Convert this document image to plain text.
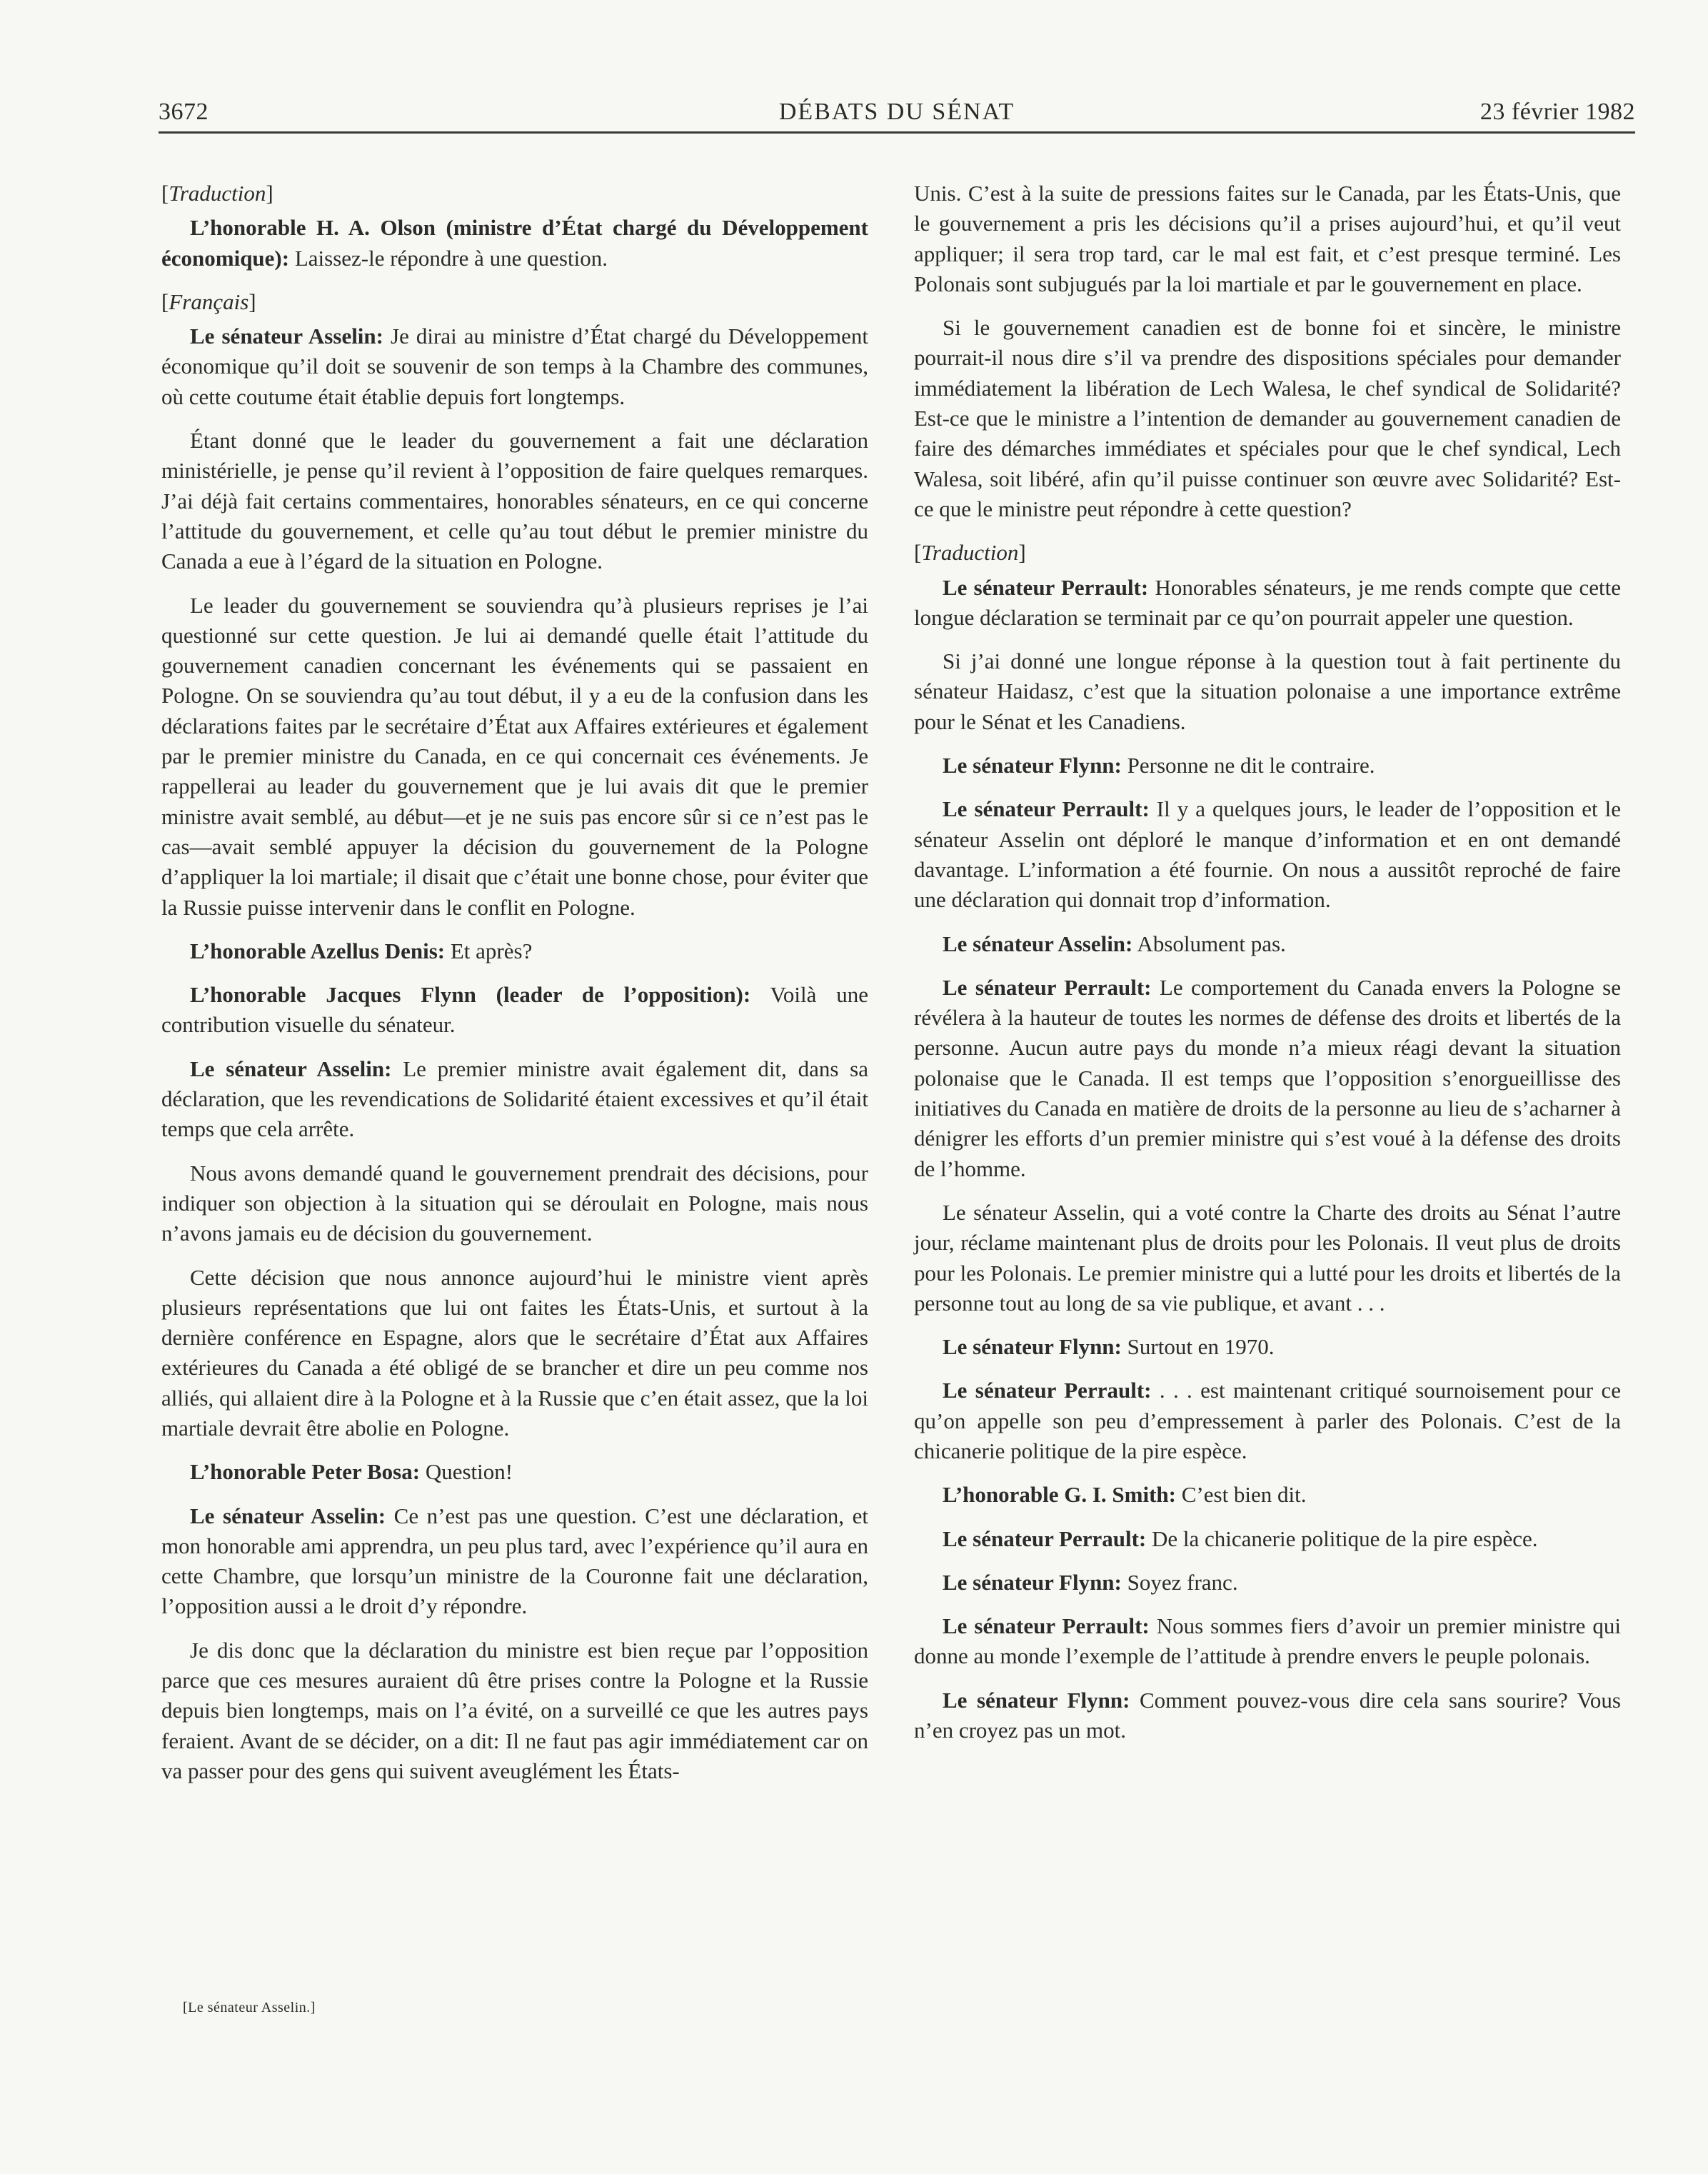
3672	DÉBATS DU SÉNAT	23 février 1982

[Traduction]

L’honorable H. A. Olson (ministre d’État chargé du Développement économique): Laissez-le répondre à une question.

[Français]

Le sénateur Asselin: Je dirai au ministre d’État chargé du Développement économique qu’il doit se souvenir de son temps à la Chambre des communes, où cette coutume était établie depuis fort longtemps.

Étant donné que le leader du gouvernement a fait une déclaration ministérielle, je pense qu’il revient à l’opposition de faire quelques remarques. J’ai déjà fait certains commentaires, honorables sénateurs, en ce qui concerne l’attitude du gouvernement, et celle qu’au tout début le premier ministre du Canada a eue à l’égard de la situation en Pologne.

Le leader du gouvernement se souviendra qu’à plusieurs reprises je l’ai questionné sur cette question. Je lui ai demandé quelle était l’attitude du gouvernement canadien concernant les événements qui se passaient en Pologne. On se souviendra qu’au tout début, il y a eu de la confusion dans les déclarations faites par le secrétaire d’État aux Affaires extérieures et également par le premier ministre du Canada, en ce qui concernait ces événements. Je rappellerai au leader du gouvernement que je lui avais dit que le premier ministre avait semblé, au début—et je ne suis pas encore sûr si ce n’est pas le cas—avait semblé appuyer la décision du gouvernement de la Pologne d’appliquer la loi martiale; il disait que c’était une bonne chose, pour éviter que la Russie puisse intervenir dans le conflit en Pologne.

L’honorable Azellus Denis: Et après?

L’honorable Jacques Flynn (leader de l’opposition): Voilà une contribution visuelle du sénateur.

Le sénateur Asselin: Le premier ministre avait également dit, dans sa déclaration, que les revendications de Solidarité étaient excessives et qu’il était temps que cela arrête.

Nous avons demandé quand le gouvernement prendrait des décisions, pour indiquer son objection à la situation qui se déroulait en Pologne, mais nous n’avons jamais eu de décision du gouvernement.

Cette décision que nous annonce aujourd’hui le ministre vient après plusieurs représentations que lui ont faites les États-Unis, et surtout à la dernière conférence en Espagne, alors que le secrétaire d’État aux Affaires extérieures du Canada a été obligé de se brancher et dire un peu comme nos alliés, qui allaient dire à la Pologne et à la Russie que c’en était assez, que la loi martiale devrait être abolie en Pologne.

L’honorable Peter Bosa: Question!

Le sénateur Asselin: Ce n’est pas une question. C’est une déclaration, et mon honorable ami apprendra, un peu plus tard, avec l’expérience qu’il aura en cette Chambre, que lorsqu’un ministre de la Couronne fait une déclaration, l’opposition aussi a le droit d’y répondre.

Je dis donc que la déclaration du ministre est bien reçue par l’opposition parce que ces mesures auraient dû être prises contre la Pologne et la Russie depuis bien longtemps, mais on l’a évité, on a surveillé ce que les autres pays feraient. Avant de se décider, on a dit: Il ne faut pas agir immédiatement car on va passer pour des gens qui suivent aveuglément les États-

Unis. C’est à la suite de pressions faites sur le Canada, par les États-Unis, que le gouvernement a pris les décisions qu’il a prises aujourd’hui, et qu’il veut appliquer; il sera trop tard, car le mal est fait, et c’est presque terminé. Les Polonais sont subjugués par la loi martiale et par le gouvernement en place.

Si le gouvernement canadien est de bonne foi et sincère, le ministre pourrait-il nous dire s’il va prendre des dispositions spéciales pour demander immédiatement la libération de Lech Walesa, le chef syndical de Solidarité? Est-ce que le ministre a l’intention de demander au gouvernement canadien de faire des démarches immédiates et spéciales pour que le chef syndical, Lech Walesa, soit libéré, afin qu’il puisse continuer son œuvre avec Solidarité? Est-ce que le ministre peut répondre à cette question?

[Traduction]

Le sénateur Perrault: Honorables sénateurs, je me rends compte que cette longue déclaration se terminait par ce qu’on pourrait appeler une question.

Si j’ai donné une longue réponse à la question tout à fait pertinente du sénateur Haidasz, c’est que la situation polonaise a une importance extrême pour le Sénat et les Canadiens.

Le sénateur Flynn: Personne ne dit le contraire.

Le sénateur Perrault: Il y a quelques jours, le leader de l’opposition et le sénateur Asselin ont déploré le manque d’information et en ont demandé davantage. L’information a été fournie. On nous a aussitôt reproché de faire une déclaration qui donnait trop d’information.

Le sénateur Asselin: Absolument pas.

Le sénateur Perrault: Le comportement du Canada envers la Pologne se révélera à la hauteur de toutes les normes de défense des droits et libertés de la personne. Aucun autre pays du monde n’a mieux réagi devant la situation polonaise que le Canada. Il est temps que l’opposition s’enorgueillisse des initiatives du Canada en matière de droits de la personne au lieu de s’acharner à dénigrer les efforts d’un premier ministre qui s’est voué à la défense des droits de l’homme.

Le sénateur Asselin, qui a voté contre la Charte des droits au Sénat l’autre jour, réclame maintenant plus de droits pour les Polonais. Il veut plus de droits pour les Polonais. Le premier ministre qui a lutté pour les droits et libertés de la personne tout au long de sa vie publique, et avant . . .

Le sénateur Flynn: Surtout en 1970.

Le sénateur Perrault: . . . est maintenant critiqué sournoisement pour ce qu’on appelle son peu d’empressement à parler des Polonais. C’est de la chicanerie politique de la pire espèce.

L’honorable G. I. Smith: C’est bien dit.

Le sénateur Perrault: De la chicanerie politique de la pire espèce.

Le sénateur Flynn: Soyez franc.

Le sénateur Perrault: Nous sommes fiers d’avoir un premier ministre qui donne au monde l’exemple de l’attitude à prendre envers le peuple polonais.

Le sénateur Flynn: Comment pouvez-vous dire cela sans sourire? Vous n’en croyez pas un mot.

[Le sénateur Asselin.]
